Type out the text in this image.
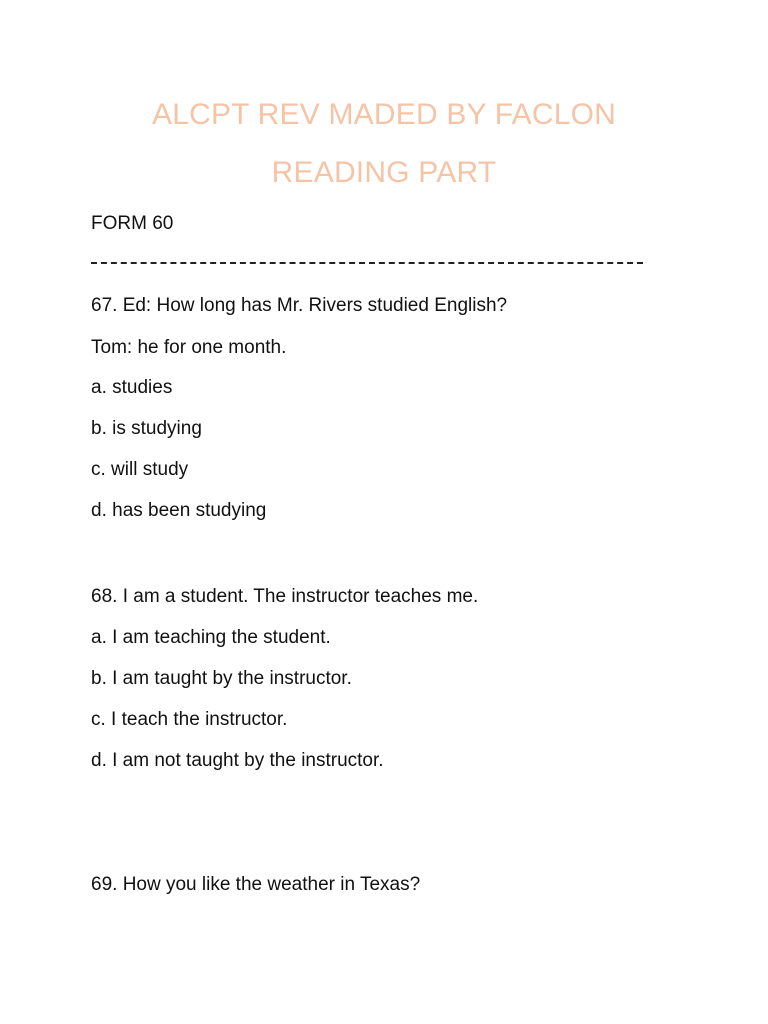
ALCPT REV MADED BY FACLON
READING PART
FORM 60
67. Ed: How long has Mr. Rivers studied English?
Tom: he for one month.
a. studies
b. is studying
c. will study
d. has been studying
68. I am a student. The instructor teaches me.
a. I am teaching the student.
b. I am taught by the instructor.
c. I teach the instructor.
d. I am not taught by the instructor.
69. How you like the weather in Texas?
